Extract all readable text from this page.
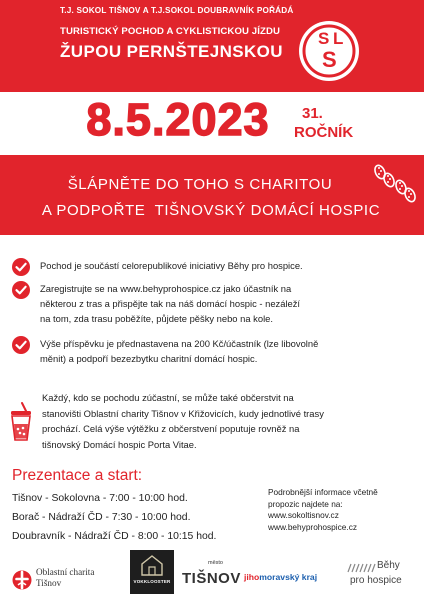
T.J. SOKOL TIŠNOV A T.J.SOKOL DOUBRAVNÍK POŘÁDÁ
TURISTICKÝ POCHOD A CYKLISTICKOU JÍZDU
ŽUPOU PERNŠTEJNSKOU
S L
S
8.5.2023	31.
ROČNÍK
ŠLÁPNĚTE DO TOHO S CHARITOU
A PODPOŘTE  TIŠNOVSKÝ DOMÁCÍ HOSPIC
Pochod je součástí celorepublikové iniciativy Běhy pro hospice.
Zaregistrujte se na www.behyprohospice.cz jako účastník na
některou z tras a přispějte tak na náš domácí hospic - nezáleží
na tom, zda trasu poběžíte, půjdete pěšky nebo na kole.
Výše příspěvku je přednastavena na 200 Kč/účastník (lze libovolně
měnit) a podpoří bezezbytku charitní domácí hospic.
Každý, kdo se pochodu zúčastní, se může také občerstvit na
stanovišti Oblastní charity Tišnov v Křižovicích, kudy jednotlivé trasy
prochází. Celá výše výtěžku z občerstvení poputuje rovněž na
tišnovský Domácí hospic Porta Vitae.
Prezentace a start:
Tišnov - Sokolovna - 7:00 - 10:00 hod.
Borač - Nádraží ČD - 7:30 - 10:00 hod.
Doubravník - Nádraží ČD - 8:00 - 10:15 hod.
Podrobnější informace včetně
propozic najdete na:
www.sokoltisnov.cz
www.behyprohospice.cz
Oblastní charita
Tišnov	VOKKLOOSTER
město
TIŠNOV jihomoravský kraj
Běhy
pro hospice
